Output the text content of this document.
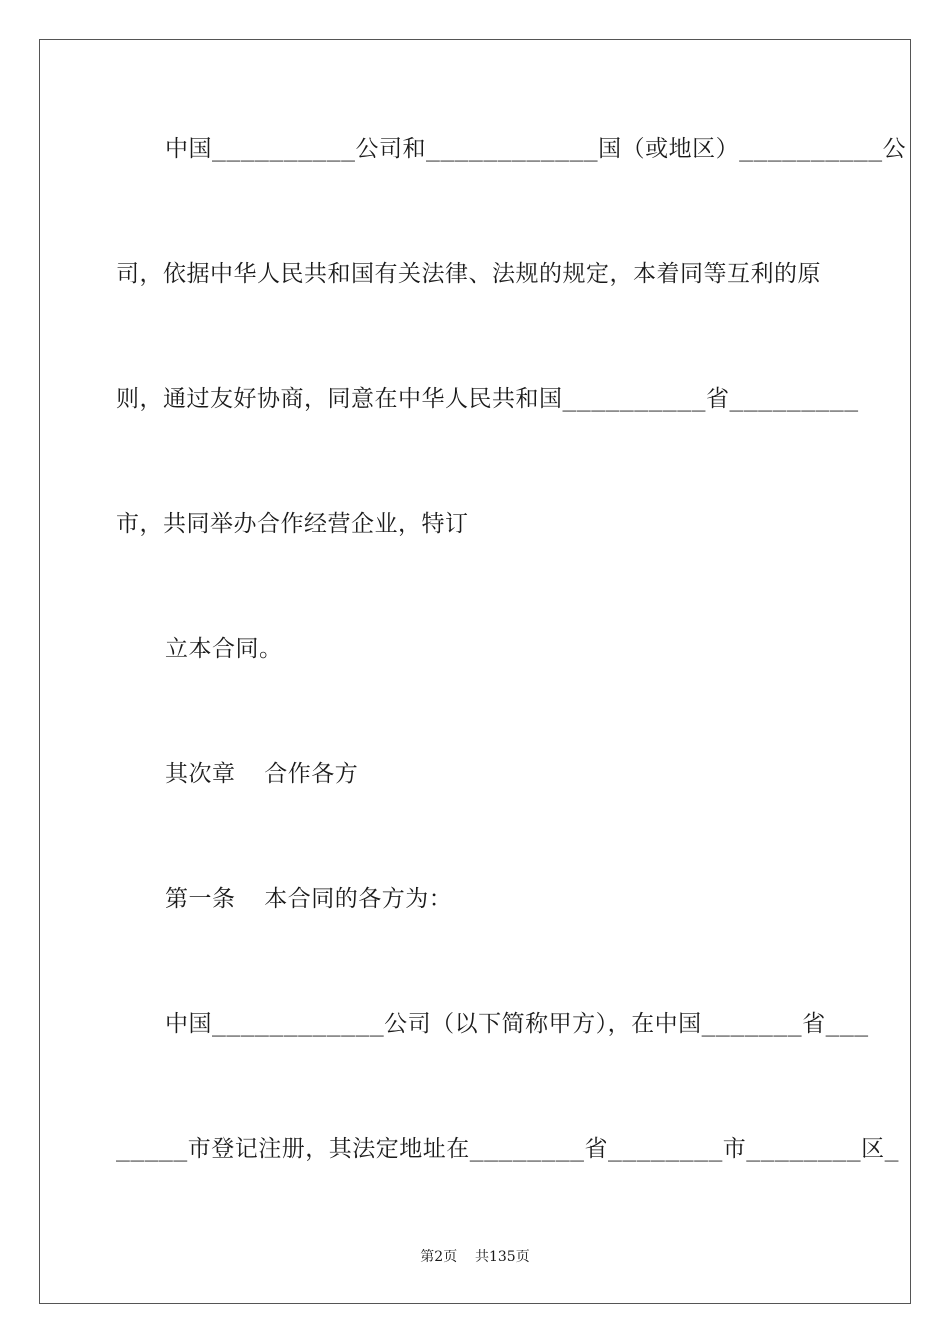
中国__________公司和____________国（或地区）__________公
司，依据中华人民共和国有关法律、法规的规定，本着同等互利的原
则，通过友好协商，同意在中华人民共和国__________省_________
市，共同举办合作经营企业，特订
立本合同。
其次章  合作各方
第一条  本合同的各方为：
中国____________公司（以下简称甲方），在中国_______省___
_____市登记注册，其法定地址在________省________市________区_
第2页    共135页
